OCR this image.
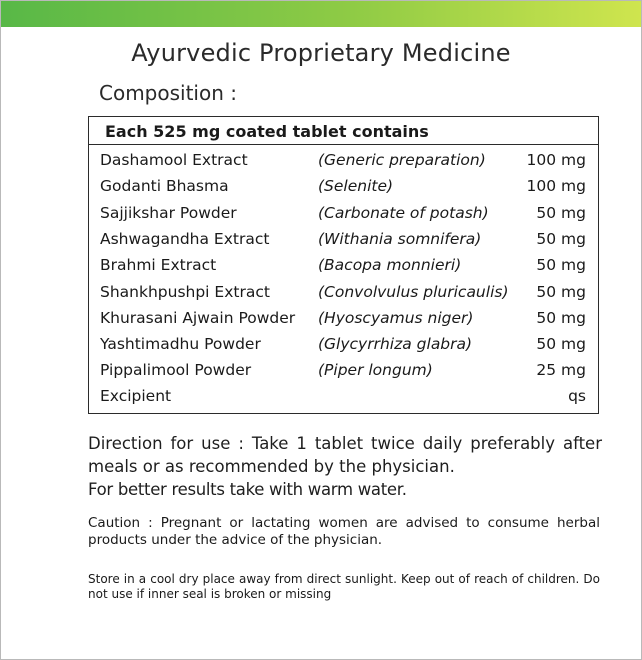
Ayurvedic Proprietary Medicine
Composition :
Each 525 mg coated tablet contains
Dashamool Extract	(Generic preparation)	100 mg
Godanti Bhasma	(Selenite)	100 mg
Sajjikshar Powder	(Carbonate of potash)	50 mg
Ashwagandha Extract	(Withania somnifera)	50 mg
Brahmi Extract	(Bacopa monnieri)	50 mg
Shankhpushpi Extract	(Convolvulus pluricaulis) 50 mg
Khurasani Ajwain Powder (Hyoscyamus niger)	50 mg
Yashtimadhu Powder	(Glycyrrhiza glabra)	50 mg
Pippalimool Powder	(Piper longum)	25 mg
Excipient	qs
Direction for use : Take 1 tablet twice daily preferably after meals or as recommended by the physician.
For better results take with warm water.
Caution : Pregnant or lactating women are advised to consume herbal products under the advice of the physician.
Store in a cool dry place away from direct sunlight. Keep out of reach of children. Do not use if inner seal is broken or missing
